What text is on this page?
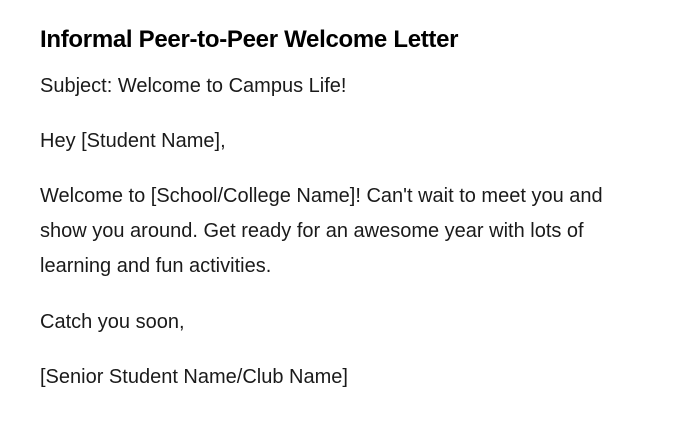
Informal Peer-to-Peer Welcome Letter

Subject: Welcome to Campus Life!

Hey [Student Name],

Welcome to [School/College Name]! Can't wait to meet you and show you around. Get ready for an awesome year with lots of learning and fun activities.

Catch you soon,

[Senior Student Name/Club Name]
